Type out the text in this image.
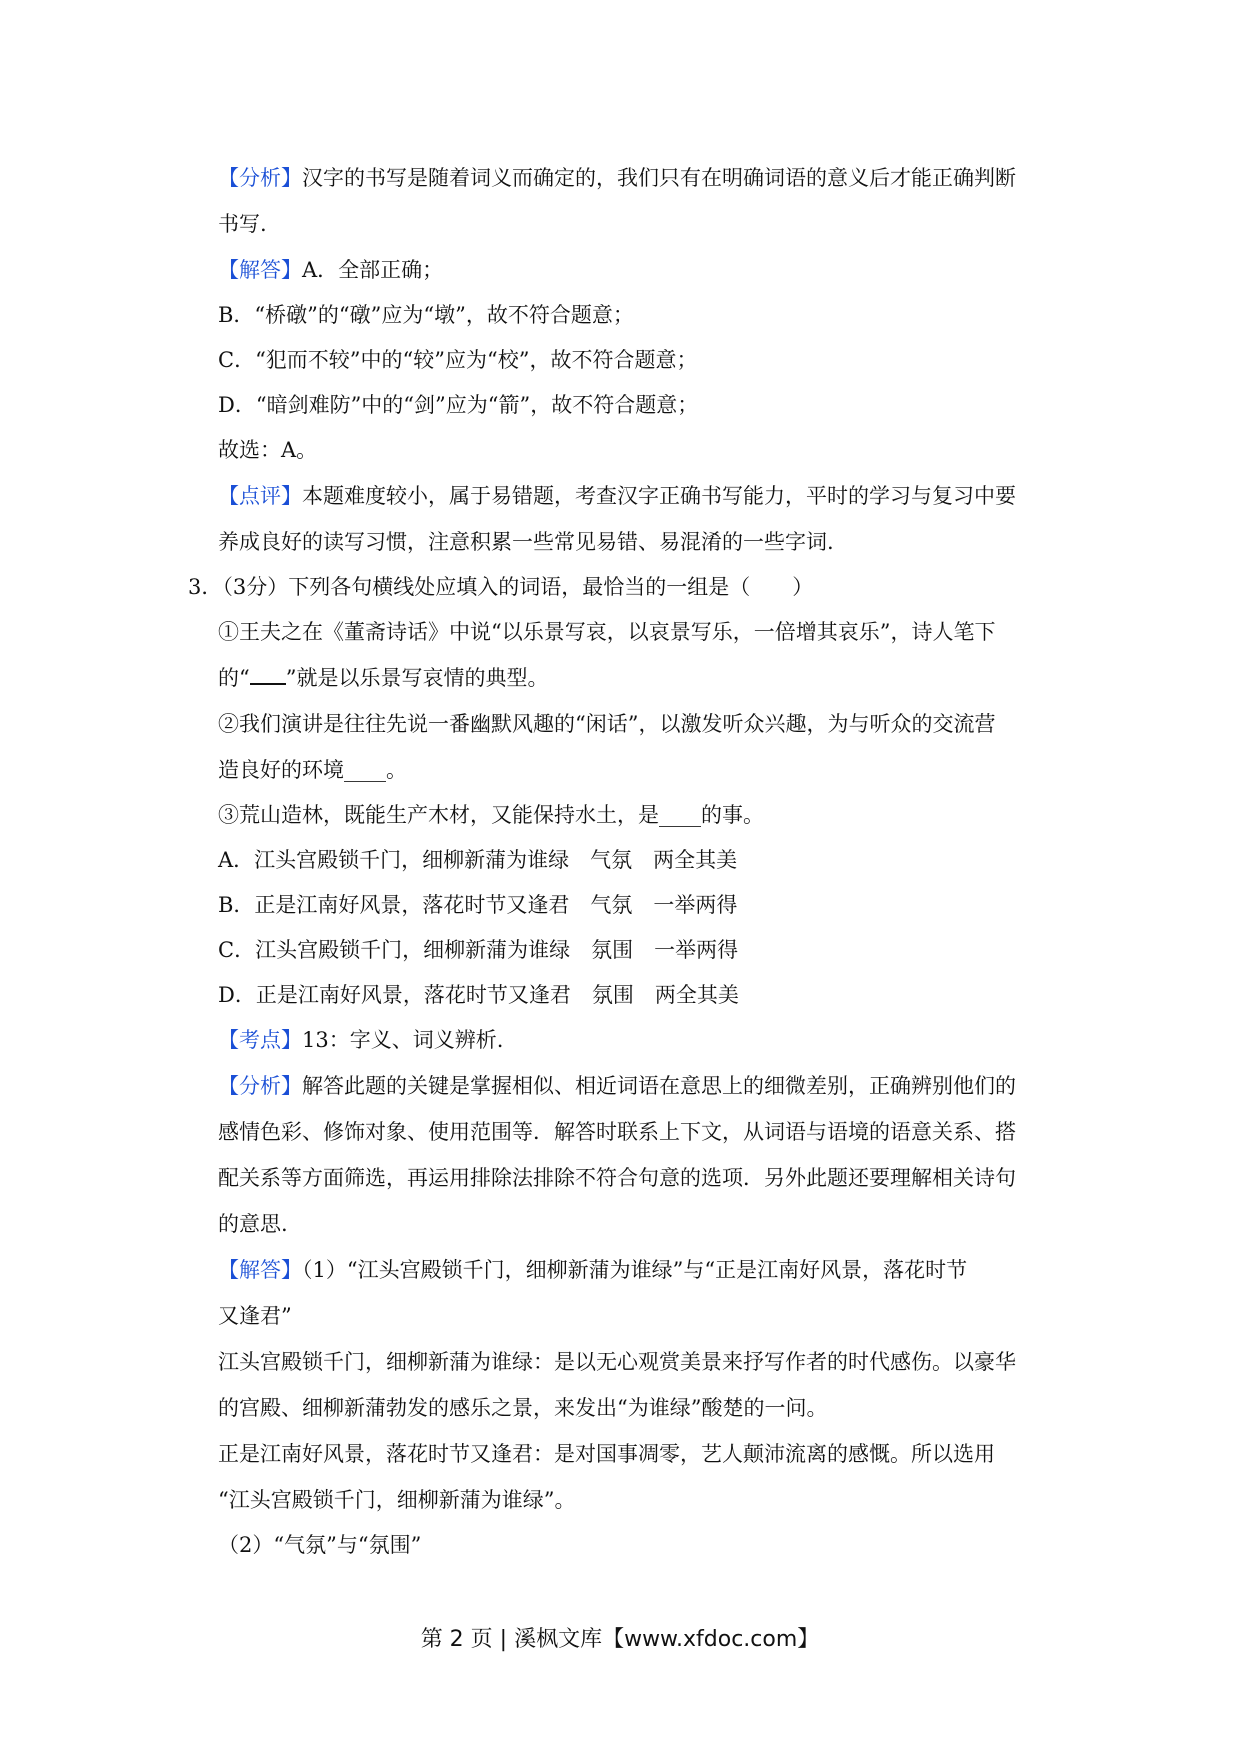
【分析】汉字的书写是随着词义而确定的，我们只有在明确词语的意义后才能正确判断
书写.
【解答】A．全部正确；
B．“桥礅”的“礅”应为“墩”，故不符合题意；
C．“犯而不较”中的“较”应为“校”，故不符合题意；
D．“暗剑难防”中的“剑”应为“箭”，故不符合题意；
故选：A。
【点评】本题难度较小，属于易错题，考查汉字正确书写能力，平时的学习与复习中要
养成良好的读写习惯，注意积累一些常见易错、易混淆的一些字词.
3．（3分）下列各句横线处应填入的词语，最恰当的一组是（　　）
①王夫之在《董斋诗话》中说“以乐景写哀，以哀景写乐，一倍增其哀乐”，诗人笔下
的“ ”就是以乐景写哀情的典型。
②我们演讲是往往先说一番幽默风趣的“闲话”，以激发听众兴趣，为与听众的交流营
造良好的环境____。
③荒山造林，既能生产木材，又能保持水土，是____的事。
A．江头宫殿锁千门，细柳新蒲为谁绿　气氛　两全其美
B．正是江南好风景，落花时节又逢君　气氛　一举两得
C．江头宫殿锁千门，细柳新蒲为谁绿　氛围　一举两得
D．正是江南好风景，落花时节又逢君　氛围　两全其美
【考点】13：字义、词义辨析.
【分析】解答此题的关键是掌握相似、相近词语在意思上的细微差别，正确辨别他们的
感情色彩、修饰对象、使用范围等．解答时联系上下文，从词语与语境的语意关系、搭
配关系等方面筛选，再运用排除法排除不符合句意的选项．另外此题还要理解相关诗句
的意思.
【解答】（1）“江头宫殿锁千门，细柳新蒲为谁绿”与“正是江南好风景，落花时节
又逢君”
江头宫殿锁千门，细柳新蒲为谁绿：是以无心观赏美景来抒写作者的时代感伤。以豪华
的宫殿、细柳新蒲勃发的感乐之景，来发出“为谁绿”酸楚的一问。
正是江南好风景，落花时节又逢君：是对国事凋零，艺人颠沛流离的感慨。所以选用
“江头宫殿锁千门，细柳新蒲为谁绿”。
（2）“气氛”与“氛围”
第 2 页 | 溪枫文库【www.xfdoc.com】
